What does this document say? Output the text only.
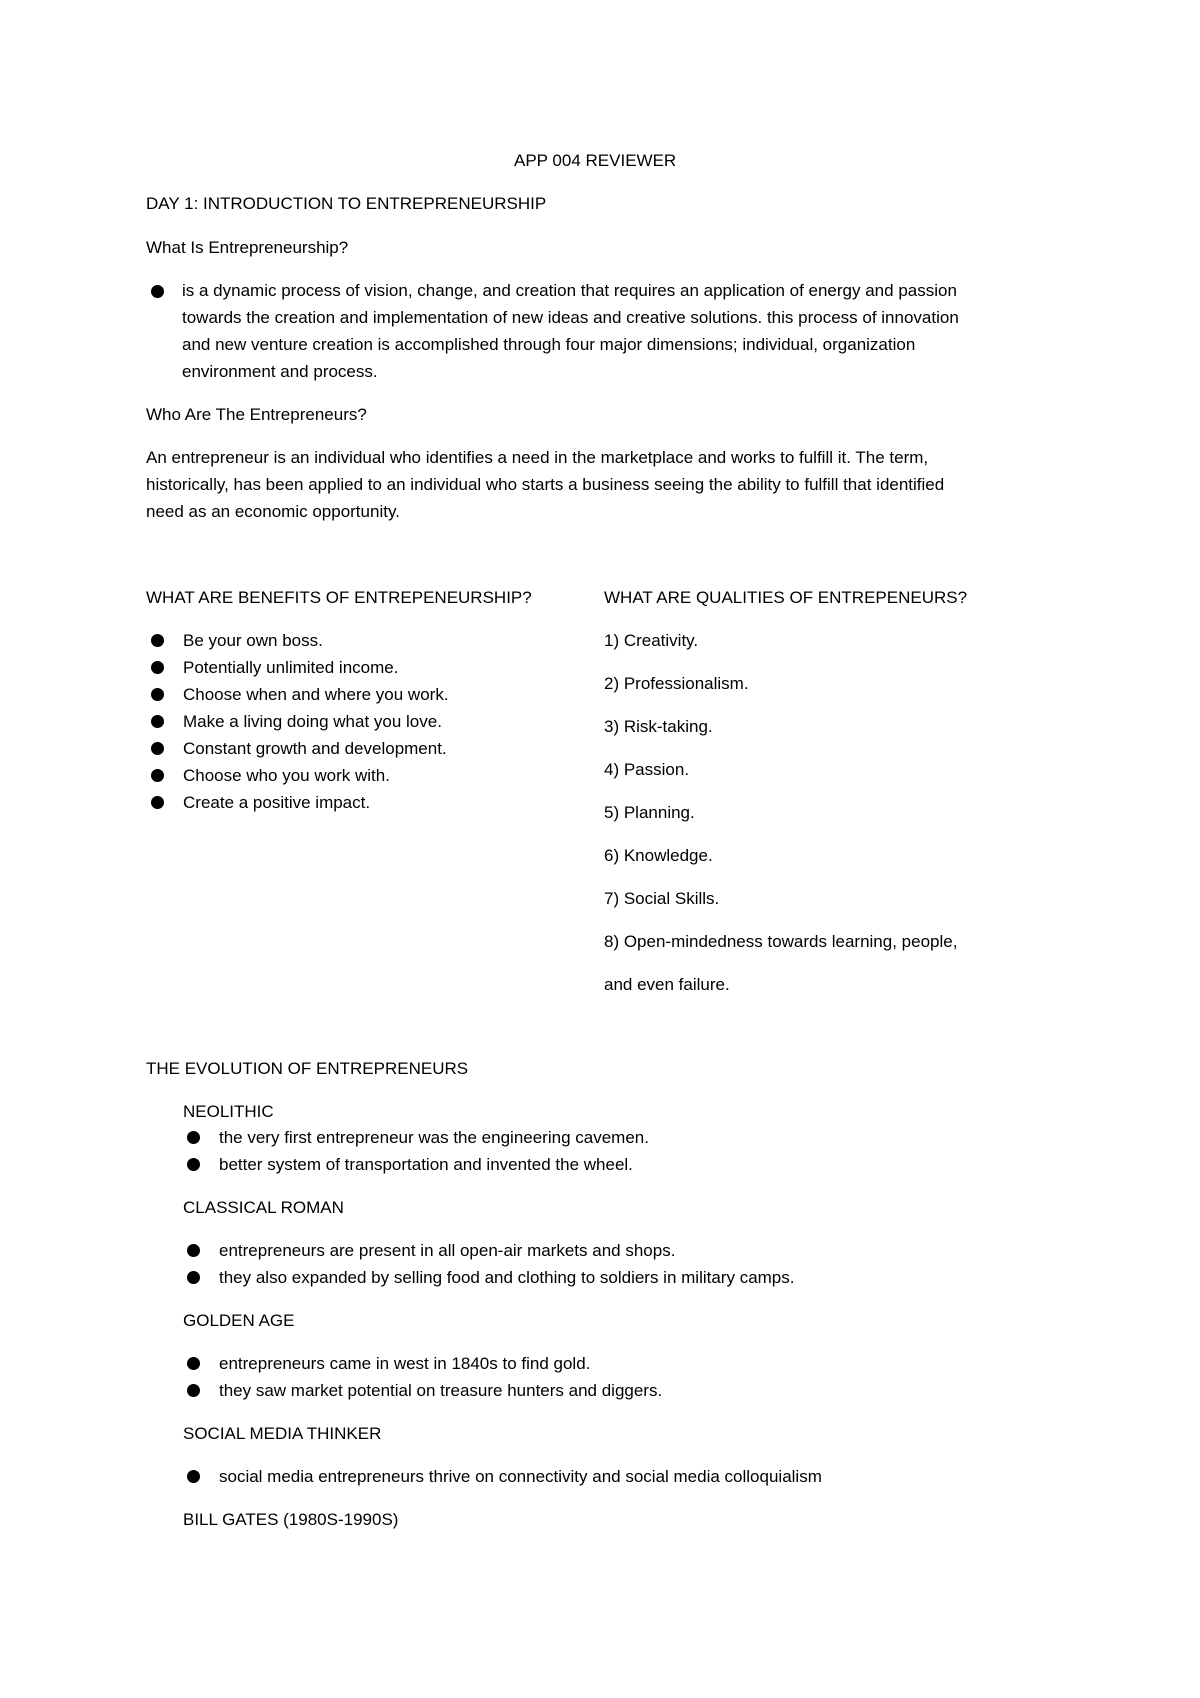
APP 004 REVIEWER
DAY 1: INTRODUCTION TO ENTREPRENEURSHIP
What Is Entrepreneurship?
is a dynamic process of vision, change, and creation that requires an application of energy and passion
towards the creation and implementation of new ideas and creative solutions. this process of innovation
and new venture creation is accomplished through four major dimensions; individual, organization
environment and process.
Who Are The Entrepreneurs?
An entrepreneur is an individual who identifies a need in the marketplace and works to fulfill it. The term,
historically, has been applied to an individual who starts a business seeing the ability to fulfill that identified
need as an economic opportunity.
WHAT ARE BENEFITS OF ENTREPENEURSHIP?
Be your own boss.
Potentially unlimited income.
Choose when and where you work.
Make a living doing what you love.
Constant growth and development.
Choose who you work with.
Create a positive impact.
WHAT ARE QUALITIES OF ENTREPENEURS?
1) Creativity.
2) Professionalism.
3) Risk-taking.
4) Passion.
5) Planning.
6) Knowledge.
7) Social Skills.
8) Open-mindedness towards learning, people,
and even failure.
THE EVOLUTION OF ENTREPRENEURS
NEOLITHIC
the very first entrepreneur was the engineering cavemen.
better system of transportation and invented the wheel.
CLASSICAL ROMAN
entrepreneurs are present in all open-air markets and shops.
they also expanded by selling food and clothing to soldiers in military camps.
GOLDEN AGE
entrepreneurs came in west in 1840s to find gold.
they saw market potential on treasure hunters and diggers.
SOCIAL MEDIA THINKER
social media entrepreneurs thrive on connectivity and social media colloquialism
BILL GATES (1980S-1990S)
